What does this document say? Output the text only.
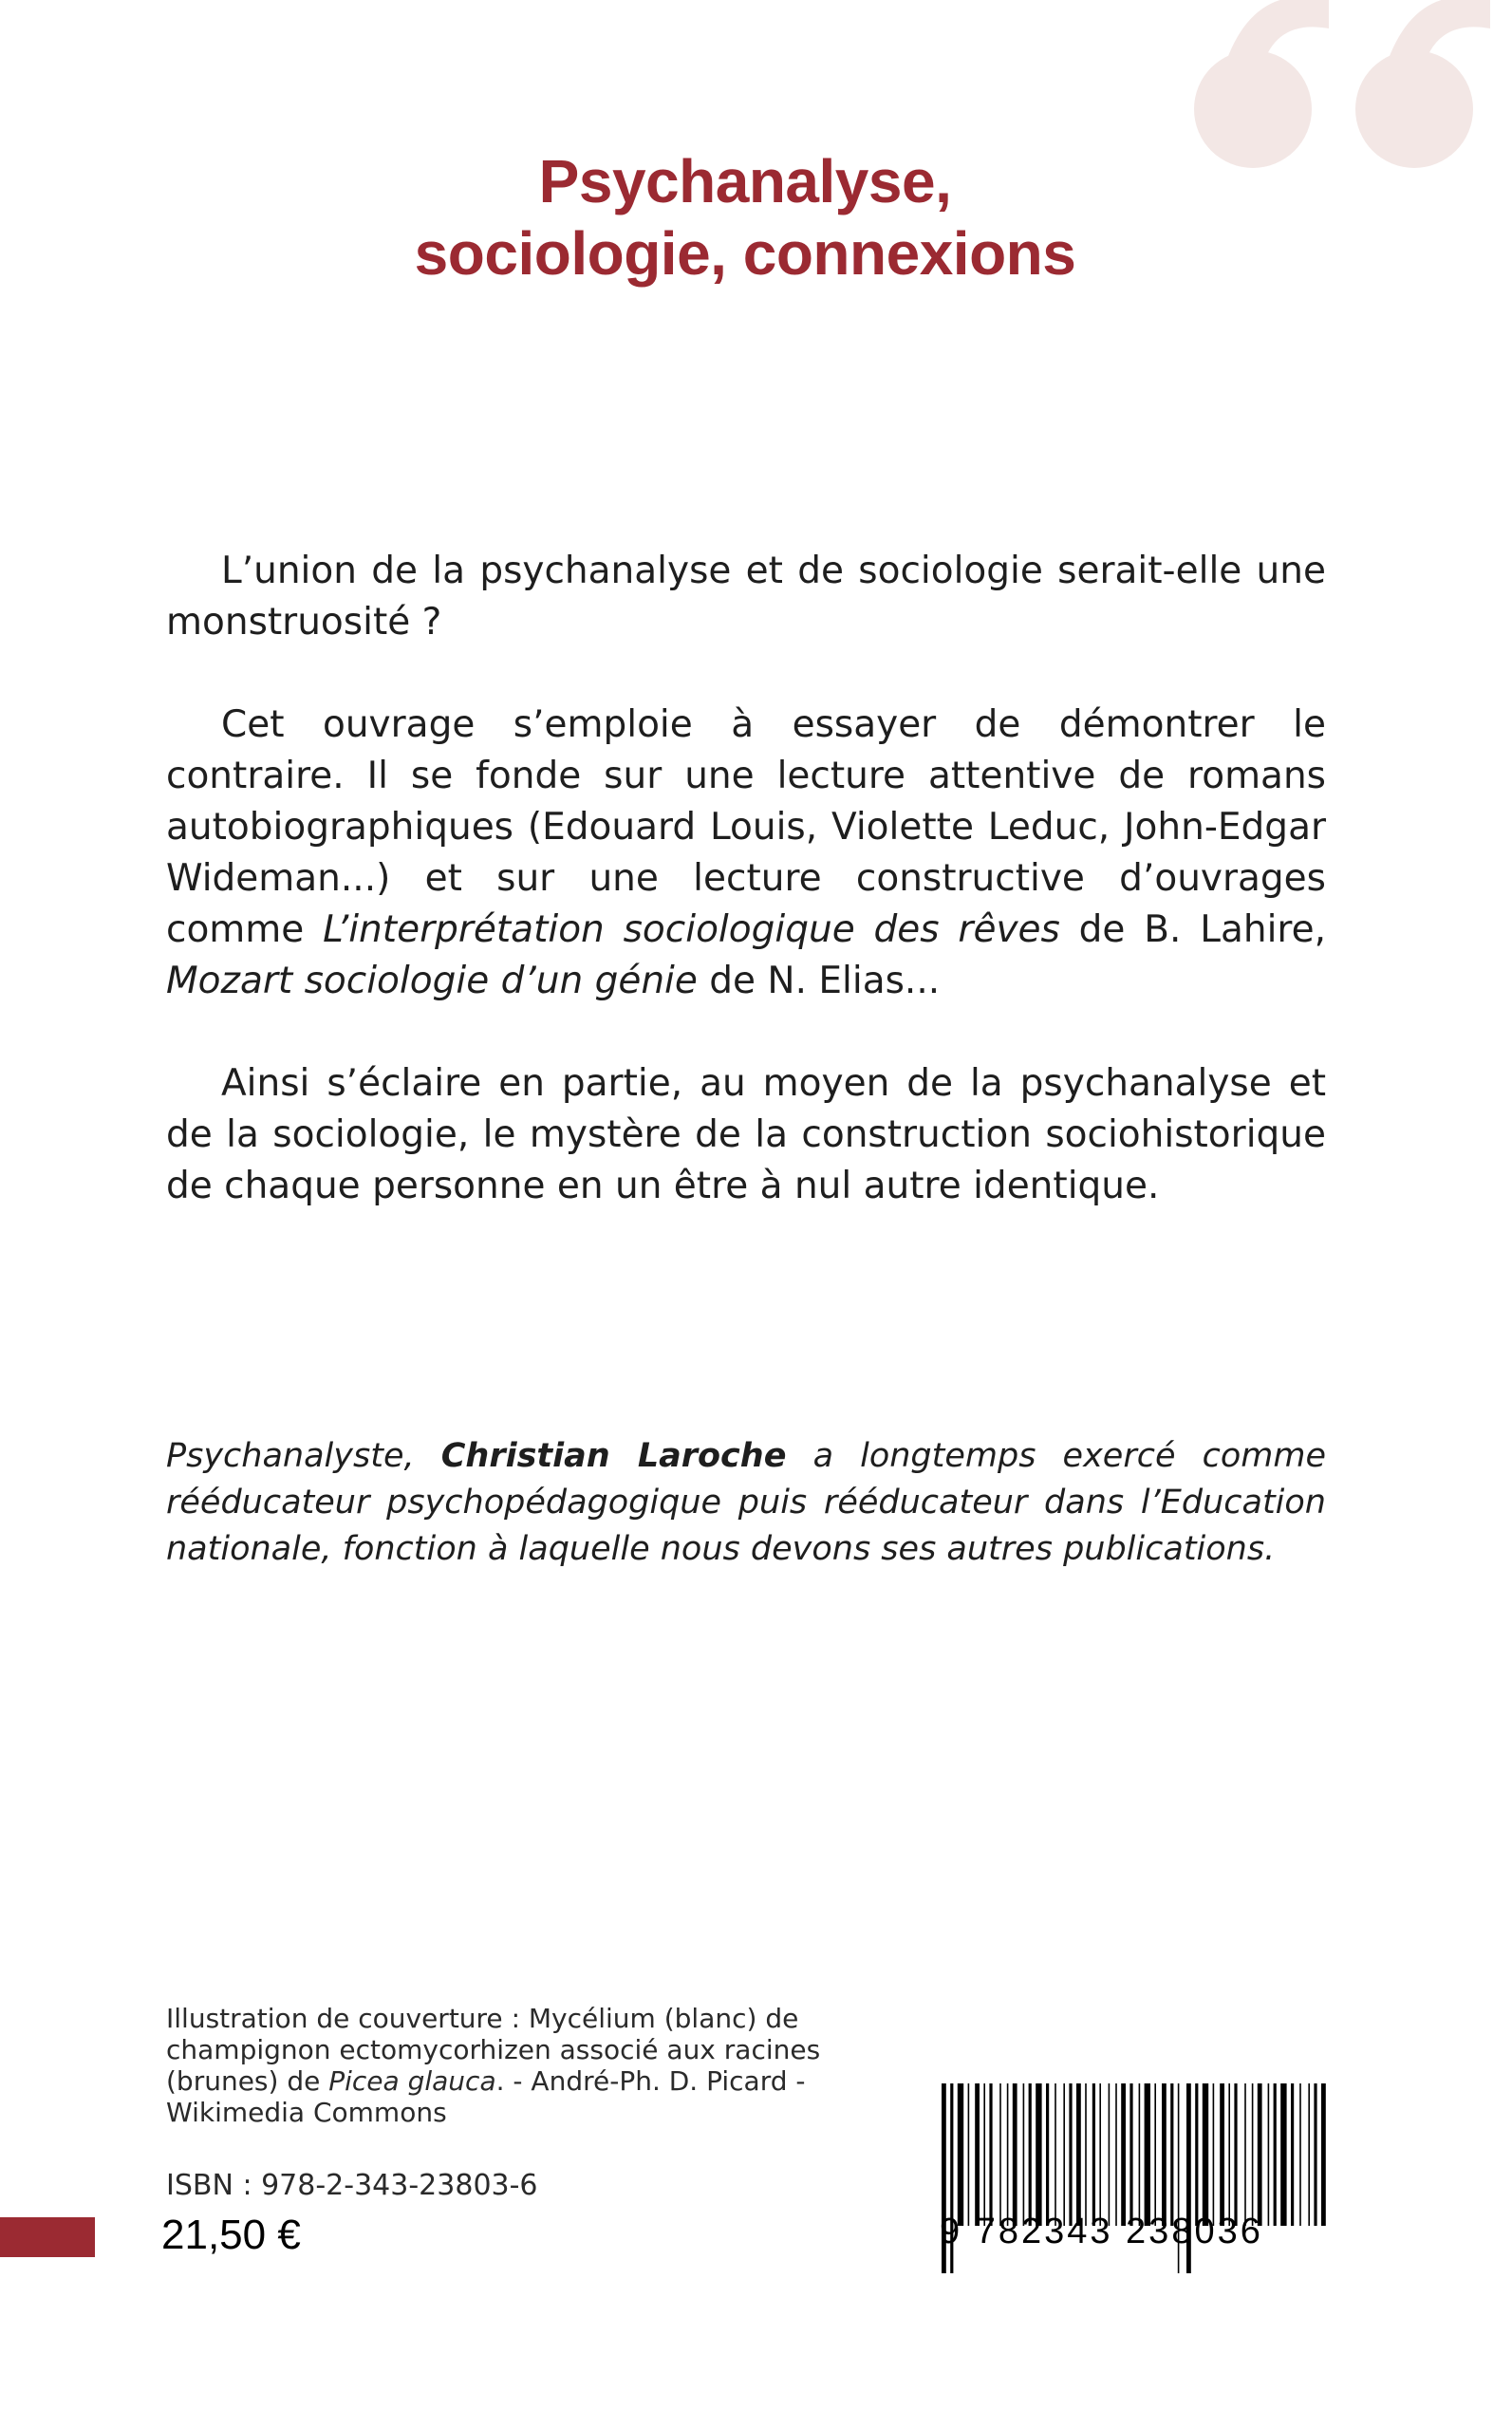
Psychanalyse,
sociologie, connexions

L’union de la psychanalyse et de sociologie serait-elle une monstruosité ?

Cet ouvrage s’emploie à essayer de démontrer le contraire. Il se fonde sur une lecture attentive de romans autobiographiques (Edouard Louis, Violette Leduc, John-Edgar Wideman...) et sur une lecture constructive d’ouvrages comme L’interprétation sociologique des rêves de B. Lahire, Mozart sociologie d’un génie de N. Elias...

Ainsi s’éclaire en partie, au moyen de la psychanalyse et de la sociologie, le mystère de la construction sociohistorique de chaque personne en un être à nul autre identique.

Psychanalyste, Christian Laroche a longtemps exercé comme rééducateur psychopédagogique puis rééducateur dans l’Education nationale, fonction à laquelle nous devons ses autres publications.
Illustration de couverture : Mycélium (blanc) de champignon ectomycorhizen associé aux racines (brunes) de Picea glauca. - André-Ph. D. Picard - Wikimedia Commons
ISBN : 978-2-343-23803-6
21,50 €	9 782343 238036
